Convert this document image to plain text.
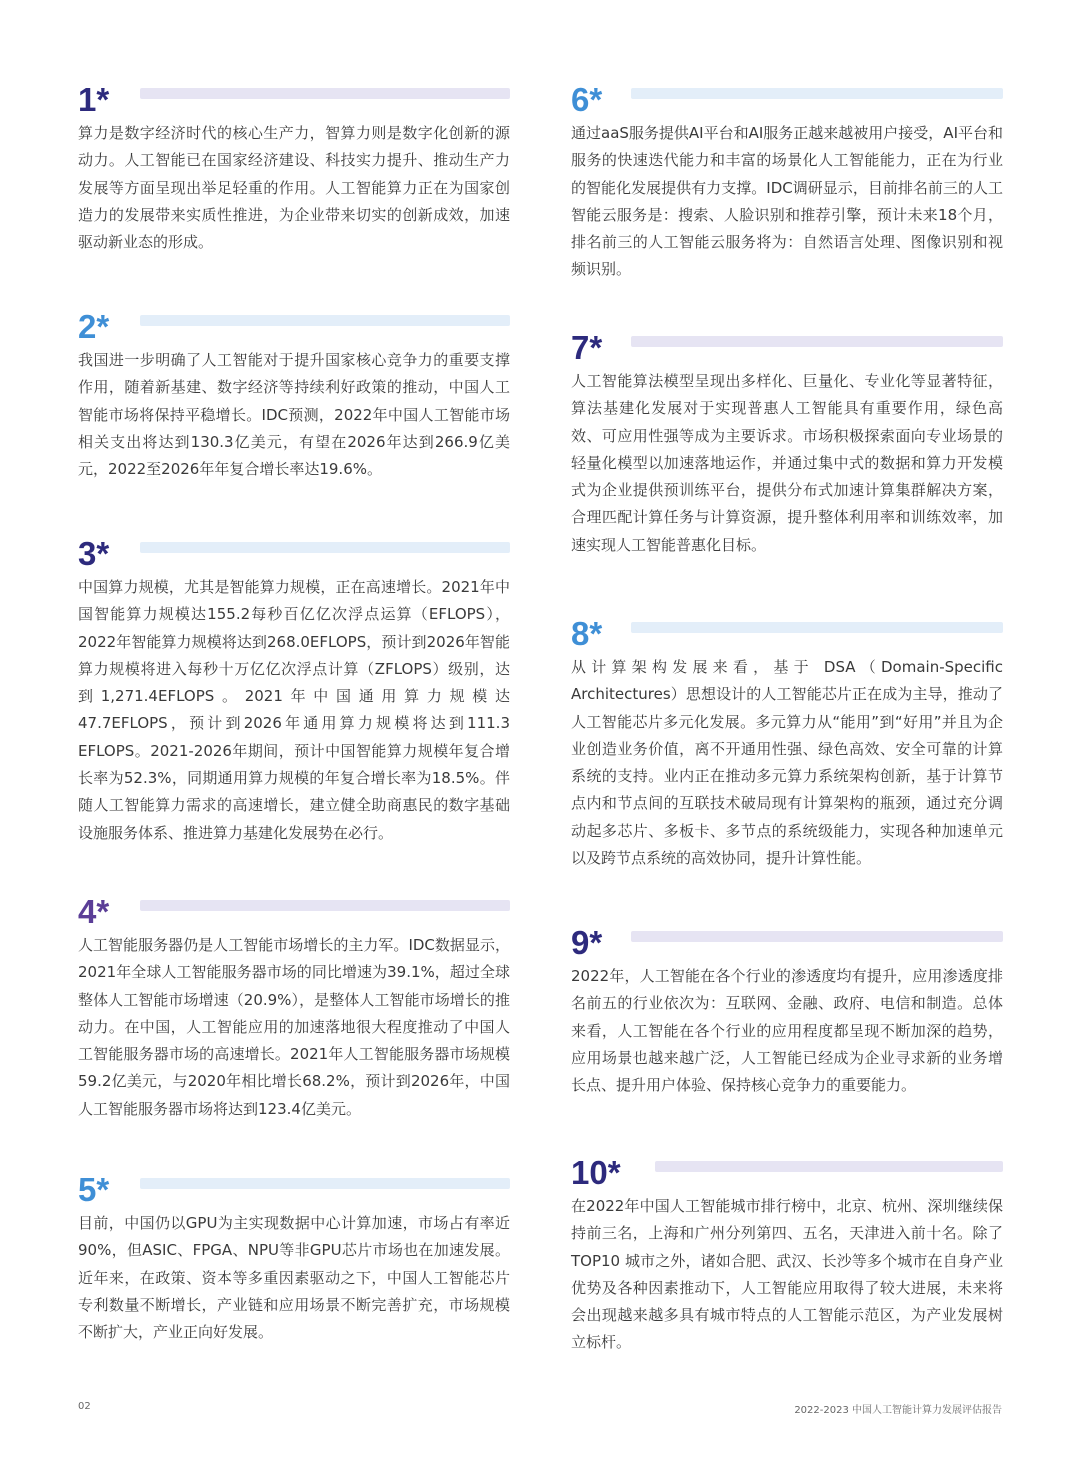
1*

算力是数字经济时代的核心生产力，智算力则是数字化创新的源动力。人工智能已在国家经济建设、科技实力提升、推动生产力发展等方面呈现出举足轻重的作用。人工智能算力正在为国家创造力的发展带来实质性推进，为企业带来切实的创新成效，加速驱动新业态的形成。

2*

我国进一步明确了人工智能对于提升国家核心竞争力的重要支撑作用，随着新基建、数字经济等持续利好政策的推动，中国人工智能市场将保持平稳增长。IDC预测，2022年中国人工智能市场相关支出将达到130.3亿美元，有望在2026年达到266.9亿美元，2022至2026年年复合增长率达19.6%。

3*

中国算力规模，尤其是智能算力规模，正在高速增长。2021年中国智能算力规模达155.2每秒百亿亿次浮点运算（EFLOPS），2022年智能算力规模将达到268.0EFLOPS，预计到2026年智能算力规模将进入每秒十万亿亿次浮点计算（ZFLOPS）级别，达到1,271.4EFLOPS。2021年中国通用算力规模达47.7EFLOPS，预计到2026年通用算力规模将达到111.3 EFLOPS。2021-2026年期间，预计中国智能算力规模年复合增长率为52.3%，同期通用算力规模的年复合增长率为18.5%。伴随人工智能算力需求的高速增长，建立健全助商惠民的数字基础设施服务体系、推进算力基建化发展势在必行。

4*

人工智能服务器仍是人工智能市场增长的主力军。IDC数据显示，2021年全球人工智能服务器市场的同比增速为39.1%，超过全球整体人工智能市场增速（20.9%），是整体人工智能市场增长的推动力。在中国，人工智能应用的加速落地很大程度推动了中国人工智能服务器市场的高速增长。2021年人工智能服务器市场规模59.2亿美元，与2020年相比增长68.2%，预计到2026年，中国人工智能服务器市场将达到123.4亿美元。

5*

目前，中国仍以GPU为主实现数据中心计算加速，市场占有率近90%，但ASIC、FPGA、NPU等非GPU芯片市场也在加速发展。近年来，在政策、资本等多重因素驱动之下，中国人工智能芯片专利数量不断增长，产业链和应用场景不断完善扩充，市场规模不断扩大，产业正向好发展。

6*

通过aaS服务提供AI平台和AI服务正越来越被用户接受，AI平台和服务的快速迭代能力和丰富的场景化人工智能能力，正在为行业的智能化发展提供有力支撑。IDC调研显示，目前排名前三的人工智能云服务是：搜索、人脸识别和推荐引擎，预计未来18个月，排名前三的人工智能云服务将为：自然语言处理、图像识别和视频识别。

7*

人工智能算法模型呈现出多样化、巨量化、专业化等显著特征，算法基建化发展对于实现普惠人工智能具有重要作用，绿色高效、可应用性强等成为主要诉求。市场积极探索面向专业场景的轻量化模型以加速落地运作，并通过集中式的数据和算力开发模式为企业提供预训练平台，提供分布式加速计算集群解决方案，合理匹配计算任务与计算资源，提升整体利用率和训练效率，加速实现人工智能普惠化目标。

8*

从计算架构发展来看，基于 DSA（Domain-Specific Architectures）思想设计的人工智能芯片正在成为主导，推动了人工智能芯片多元化发展。多元算力从“能用”到“好用”并且为企业创造业务价值，离不开通用性强、绿色高效、安全可靠的计算系统的支持。业内正在推动多元算力系统架构创新，基于计算节点内和节点间的互联技术破局现有计算架构的瓶颈，通过充分调动起多芯片、多板卡、多节点的系统级能力，实现各种加速单元以及跨节点系统的高效协同，提升计算性能。

9*

2022年，人工智能在各个行业的渗透度均有提升，应用渗透度排名前五的行业依次为：互联网、金融、政府、电信和制造。总体来看，人工智能在各个行业的应用程度都呈现不断加深的趋势，应用场景也越来越广泛，人工智能已经成为企业寻求新的业务增长点、提升用户体验、保持核心竞争力的重要能力。

10*

在2022年中国人工智能城市排行榜中，北京、杭州、深圳继续保持前三名，上海和广州分列第四、五名，天津进入前十名。除了 TOP10 城市之外，诸如合肥、武汉、长沙等多个城市在自身产业优势及各种因素推动下，人工智能应用取得了较大进展，未来将会出现越来越多具有城市特点的人工智能示范区，为产业发展树立标杆。

02	2022-2023 中国人工智能计算力发展评估报告
